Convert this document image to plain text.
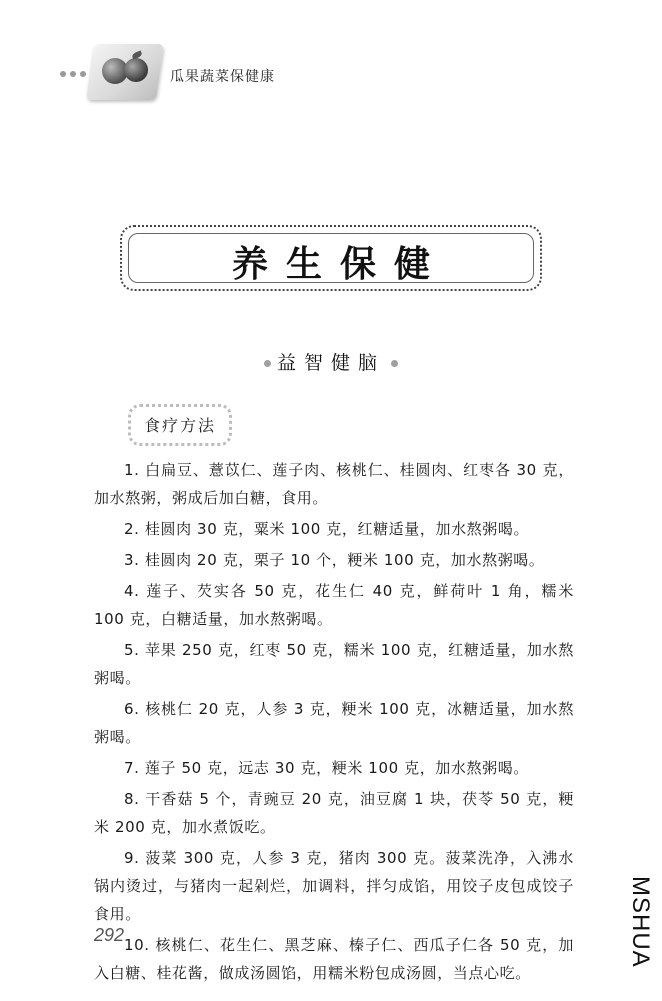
瓜果蔬菜保健康
养生保健
益智健脑
食疗方法

1. 白扁豆、薏苡仁、莲子肉、核桃仁、桂圆肉、红枣各 30 克，加水熬粥，粥成后加白糖，食用。

2. 桂圆肉 30 克，粟米 100 克，红糖适量，加水熬粥喝。

3. 桂圆肉 20 克，栗子 10 个，粳米 100 克，加水熬粥喝。

4. 莲子、芡实各 50 克，花生仁 40 克，鲜荷叶 1 角，糯米 100 克，白糖适量，加水熬粥喝。

5. 苹果 250 克，红枣 50 克，糯米 100 克，红糖适量，加水熬粥喝。

6. 核桃仁 20 克，人参 3 克，粳米 100 克，冰糖适量，加水熬粥喝。

7. 莲子 50 克，远志 30 克，粳米 100 克，加水熬粥喝。

8. 干香菇 5 个，青豌豆 20 克，油豆腐 1 块，茯苓 50 克，粳米 200 克，加水煮饭吃。

9. 菠菜 300 克，人参 3 克，猪肉 300 克。菠菜洗净，入沸水锅内烫过，与猪肉一起剁烂，加调料，拌匀成馅，用饺子皮包成饺子食用。

10. 核桃仁、花生仁、黑芝麻、榛子仁、西瓜子仁各 50 克，加入白糖、桂花酱，做成汤圆馅，用糯米粉包成汤圆，当点心吃。

292	MSHUA
